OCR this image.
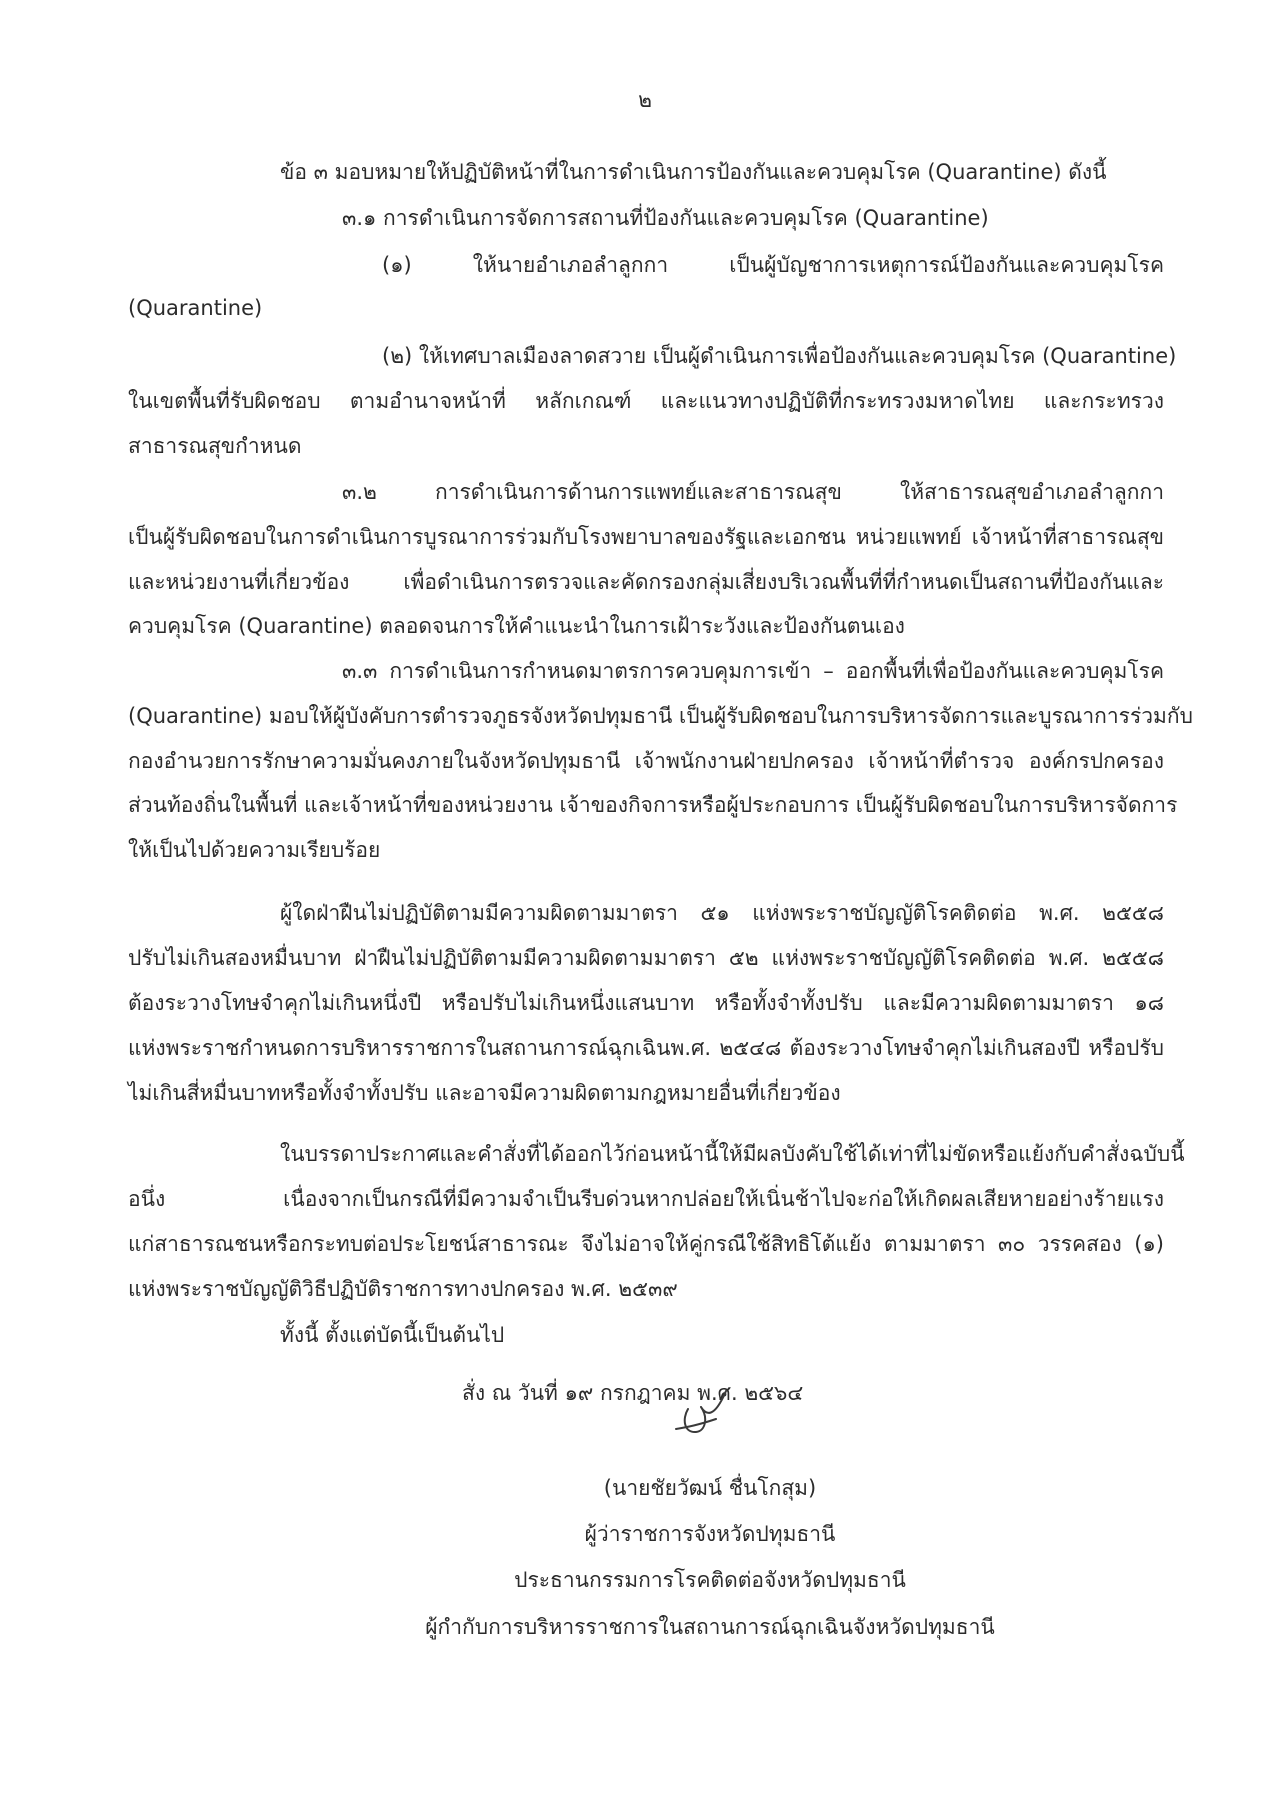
๒
ข้อ ๓ มอบหมายให้ปฏิบัติหน้าที่ในการดำเนินการป้องกันและควบคุมโรค (Quarantine) ดังนี้
๓.๑ การดำเนินการจัดการสถานที่ป้องกันและควบคุมโรค (Quarantine)
(๑) ให้นายอำเภอลำลูกกา เป็นผู้บัญชาการเหตุการณ์ป้องกันและควบคุมโรค
(Quarantine)
(๒) ให้เทศบาลเมืองลาดสวาย เป็นผู้ดำเนินการเพื่อป้องกันและควบคุมโรค (Quarantine)
ในเขตพื้นที่รับผิดชอบ ตามอำนาจหน้าที่ หลักเกณฑ์ และแนวทางปฏิบัติที่กระทรวงมหาดไทย และกระทรวง
สาธารณสุขกำหนด
๓.๒ การดำเนินการด้านการแพทย์และสาธารณสุข ให้สาธารณสุขอำเภอลำลูกกา
เป็นผู้รับผิดชอบในการดำเนินการบูรณาการร่วมกับโรงพยาบาลของรัฐและเอกชน หน่วยแพทย์ เจ้าหน้าที่สาธารณสุข
และหน่วยงานที่เกี่ยวข้อง เพื่อดำเนินการตรวจและคัดกรองกลุ่มเสี่ยงบริเวณพื้นที่ที่กำหนดเป็นสถานที่ป้องกันและ
ควบคุมโรค (Quarantine) ตลอดจนการให้คำแนะนำในการเฝ้าระวังและป้องกันตนเอง
๓.๓ การดำเนินการกำหนดมาตรการควบคุมการเข้า – ออกพื้นที่เพื่อป้องกันและควบคุมโรค
(Quarantine) มอบให้ผู้บังคับการตำรวจภูธรจังหวัดปทุมธานี เป็นผู้รับผิดชอบในการบริหารจัดการและบูรณาการร่วมกับ
กองอำนวยการรักษาความมั่นคงภายในจังหวัดปทุมธานี เจ้าพนักงานฝ่ายปกครอง เจ้าหน้าที่ตำรวจ องค์กรปกครอง
ส่วนท้องถิ่นในพื้นที่ และเจ้าหน้าที่ของหน่วยงาน เจ้าของกิจการหรือผู้ประกอบการ เป็นผู้รับผิดชอบในการบริหารจัดการ
ให้เป็นไปด้วยความเรียบร้อย
ผู้ใดฝ่าฝืนไม่ปฏิบัติตามมีความผิดตามมาตรา ๕๑ แห่งพระราชบัญญัติโรคติดต่อ พ.ศ. ๒๕๕๘
ปรับไม่เกินสองหมื่นบาท ฝ่าฝืนไม่ปฏิบัติตามมีความผิดตามมาตรา ๕๒ แห่งพระราชบัญญัติโรคติดต่อ พ.ศ. ๒๕๕๘
ต้องระวางโทษจำคุกไม่เกินหนึ่งปี หรือปรับไม่เกินหนึ่งแสนบาท หรือทั้งจำทั้งปรับ และมีความผิดตามมาตรา ๑๘
แห่งพระราชกำหนดการบริหารราชการในสถานการณ์ฉุกเฉินพ.ศ. ๒๕๔๘ ต้องระวางโทษจำคุกไม่เกินสองปี หรือปรับ
ไม่เกินสี่หมื่นบาทหรือทั้งจำทั้งปรับ และอาจมีความผิดตามกฎหมายอื่นที่เกี่ยวข้อง
ในบรรดาประกาศและคำสั่งที่ได้ออกไว้ก่อนหน้านี้ให้มีผลบังคับใช้ได้เท่าที่ไม่ขัดหรือแย้งกับคำสั่งฉบับนี้
อนึ่ง เนื่องจากเป็นกรณีที่มีความจำเป็นรีบด่วนหากปล่อยให้เนิ่นช้าไปจะก่อให้เกิดผลเสียหายอย่างร้ายแรง
แก่สาธารณชนหรือกระทบต่อประโยชน์สาธารณะ จึงไม่อาจให้คู่กรณีใช้สิทธิโต้แย้ง ตามมาตรา ๓๐ วรรคสอง (๑)
แห่งพระราชบัญญัติวิธีปฏิบัติราชการทางปกครอง พ.ศ. ๒๕๓๙
ทั้งนี้ ตั้งแต่บัดนี้เป็นต้นไป
สั่ง ณ วันที่ ๑๙ กรกฎาคม พ.ศ. ๒๕๖๔
(นายชัยวัฒน์ ชื่นโกสุม)
ผู้ว่าราชการจังหวัดปทุมธานี
ประธานกรรมการโรคติดต่อจังหวัดปทุมธานี
ผู้กำกับการบริหารราชการในสถานการณ์ฉุกเฉินจังหวัดปทุมธานี
